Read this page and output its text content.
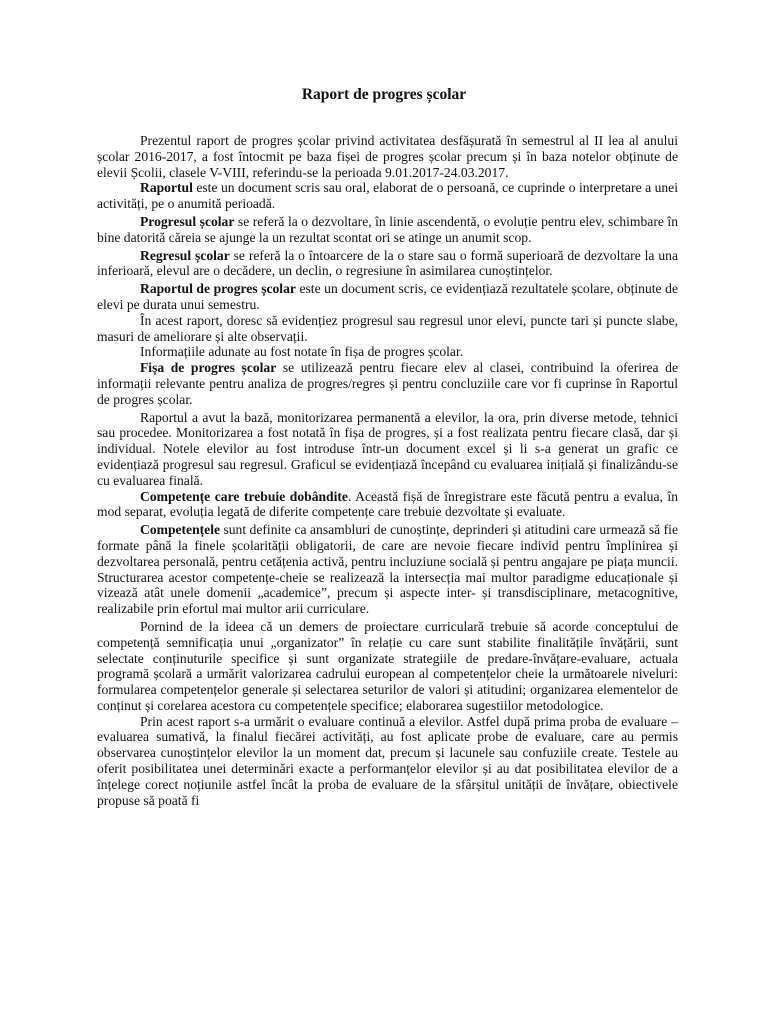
Raport de progres școlar

Prezentul raport de progres școlar privind activitatea desfășurată în semestrul al II lea al anului școlar 2016-2017, a fost întocmit pe baza fișei de progres școlar precum și în baza notelor obținute de elevii Școlii, clasele V-VIII, referindu-se la perioada 9.01.2017-24.03.2017.

Raportul este un document scris sau oral, elaborat de o persoană, ce cuprinde o interpretare a unei activități, pe o anumită perioadă.

Progresul școlar se referă la o dezvoltare, în linie ascendentă, o evoluție pentru elev, schimbare în bine datorită căreia se ajunge la un rezultat scontat ori se atinge un anumit scop.

Regresul școlar se referă la o întoarcere de la o stare sau o formă superioară de dezvoltare la una inferioară, elevul are o decădere, un declin, o regresiune în asimilarea cunoștințelor.

Raportul de progres școlar este un document scris, ce evidențiază rezultatele școlare, obținute de elevi pe durata unui semestru.

În acest raport, doresc să evidențiez progresul sau regresul unor elevi, puncte tari și puncte slabe, masuri de ameliorare și alte observații.

Informațiile adunate au fost notate în fișa de progres școlar.

Fișa de progres școlar se utilizează pentru fiecare elev al clasei, contribuind la oferirea de informații relevante pentru analiza de progres/regres și pentru concluziile care vor fi cuprinse în Raportul de progres școlar.

Raportul a avut la bază, monitorizarea permanentă a elevilor, la ora, prin diverse metode, tehnici sau procedee. Monitorizarea a fost notată în fișa de progres, și a fost realizata pentru fiecare clasă, dar și individual. Notele elevilor au fost introduse într-un document excel și li s-a generat un grafic ce evidențiază progresul sau regresul. Graficul se evidențiază începând cu evaluarea inițială și finalizându-se cu evaluarea finală.

Competențe care trebuie dobândite. Această fișă de înregistrare este făcută pentru a evalua, în mod separat, evoluția legată de diferite competențe care trebuie dezvoltate și evaluate.

Competențele sunt definite ca ansambluri de cunoștințe, deprinderi și atitudini care urmează să fie formate până la finele școlarității obligatorii, de care are nevoie fiecare individ pentru împlinirea și dezvoltarea personală, pentru cetățenia activă, pentru incluziune socială și pentru angajare pe piața muncii. Structurarea acestor competențe-cheie se realizează la intersecția mai multor paradigme educaționale și vizează atât unele domenii „academice”, precum și aspecte inter- și transdisciplinare, metacognitive, realizabile prin efortul mai multor arii curriculare.

Pornind de la ideea că un demers de proiectare curriculară trebuie să acorde conceptului de competență semnificația unui „organizator” în relație cu care sunt stabilite finalitățile învățării, sunt selectate conținuturile specifice și sunt organizate strategiile de predare-învățare-evaluare, actuala programă școlară a urmărit valorizarea cadrului european al competențelor cheie la următoarele niveluri: formularea competențelor generale și selectarea seturilor de valori și atitudini; organizarea elementelor de conținut și corelarea acestora cu competențele specifice; elaborarea sugestiilor metodologice.

Prin acest raport s-a urmărit o evaluare continuă a elevilor. Astfel după prima proba de evaluare – evaluarea sumativă, la finalul fiecărei activități, au fost aplicate probe de evaluare, care au permis observarea cunoștințelor elevilor la un moment dat, precum și lacunele sau confuziile create. Testele au oferit posibilitatea unei determinări exacte a performanțelor elevilor și au dat posibilitatea elevilor de a înțelege corect noțiunile astfel încât la proba de evaluare de la sfârșitul unității de învățare, obiectivele propuse să poată fi
